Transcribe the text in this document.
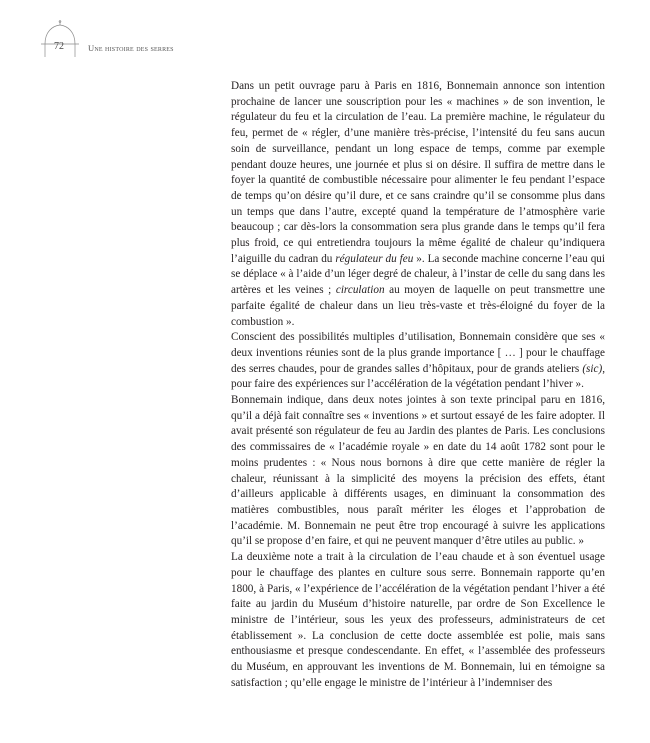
72	Une histoire des serres

Dans un petit ouvrage paru à Paris en 1816, Bonnemain annonce son intention prochaine de lancer une souscription pour les « machines » de son invention, le régulateur du feu et la circulation de l’eau. La première machine, le régulateur du feu, permet de « régler, d’une manière très-précise, l’intensité du feu sans aucun soin de surveillance, pendant un long espace de temps, comme par exemple pendant douze heures, une journée et plus si on désire. Il suffira de mettre dans le foyer la quantité de combustible nécessaire pour alimenter le feu pendant l’espace de temps qu’on désire qu’il dure, et ce sans craindre qu’il se consomme plus dans un temps que dans l’autre, excepté quand la température de l’atmosphère varie beaucoup ; car dès-lors la consommation sera plus grande dans le temps qu’il fera plus froid, ce qui entretiendra toujours la même égalité de chaleur qu’indiquera l’aiguille du cadran du régulateur du feu ». La seconde machine concerne l’eau qui se déplace « à l’aide d’un léger degré de chaleur, à l’instar de celle du sang dans les artères et les veines ; circulation au moyen de laquelle on peut transmettre une parfaite égalité de chaleur dans un lieu très-vaste et très-éloigné du foyer de la combustion ».

Conscient des possibilités multiples d’utilisation, Bonnemain considère que ses « deux inventions réunies sont de la plus grande importance [ … ] pour le chauffage des serres chaudes, pour de grandes salles d’hôpitaux, pour de grands ateliers (sic), pour faire des expériences sur l’accélération de la végétation pendant l’hiver ».

Bonnemain indique, dans deux notes jointes à son texte principal paru en 1816, qu’il a déjà fait connaître ses « inventions » et surtout essayé de les faire adopter. Il avait présenté son régulateur de feu au Jardin des plantes de Paris. Les conclusions des commissaires de « l’académie royale » en date du 14 août 1782 sont pour le moins prudentes : « Nous nous bornons à dire que cette manière de régler la chaleur, réunissant à la simplicité des moyens la précision des effets, étant d’ailleurs applicable à différents usages, en diminuant la consommation des matières combustibles, nous paraît mériter les éloges et l’approbation de l’académie. M. Bonnemain ne peut être trop encouragé à suivre les applications qu’il se propose d’en faire, et qui ne peuvent manquer d’être utiles au public. »

La deuxième note a trait à la circulation de l’eau chaude et à son éventuel usage pour le chauffage des plantes en culture sous serre. Bonnemain rapporte qu’en 1800, à Paris, « l’expérience de l’accélération de la végétation pendant l’hiver a été faite au jardin du Muséum d’histoire naturelle, par ordre de Son Excellence le ministre de l’intérieur, sous les yeux des professeurs, administrateurs de cet établissement ». La conclusion de cette docte assemblée est polie, mais sans enthousiasme et presque condescendante. En effet, « l’assemblée des professeurs du Muséum, en approuvant les inventions de M. Bonnemain, lui en témoigne sa satisfaction ; qu’elle engage le ministre de l’intérieur à l’indemniser des
